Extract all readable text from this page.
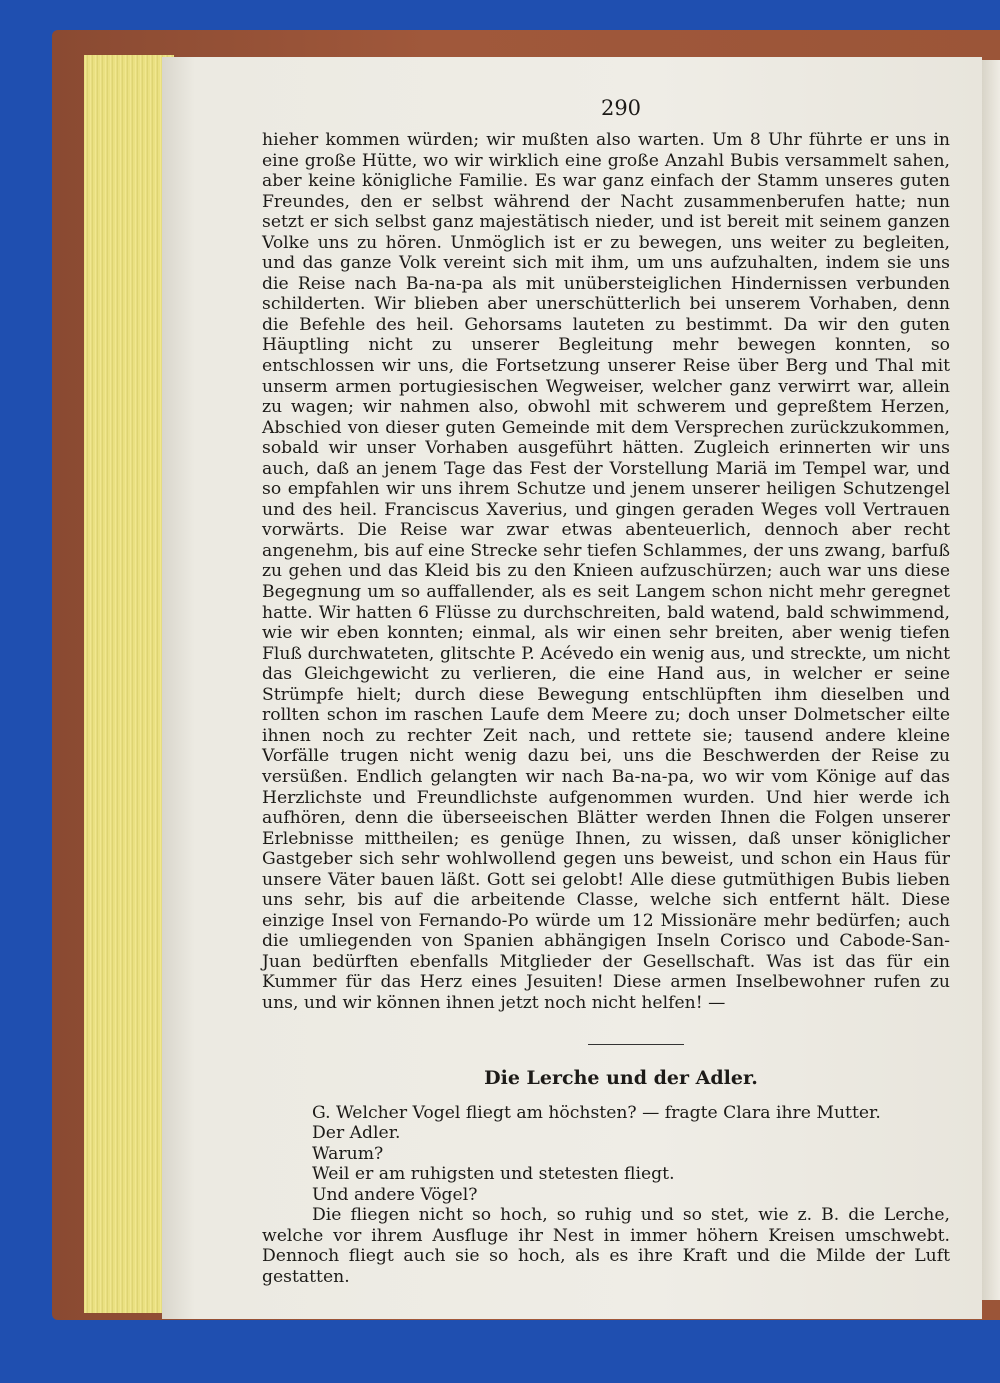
290

hieher kommen würden; wir mußten also warten. Um 8 Uhr führte er uns in eine große Hütte, wo wir wirklich eine große Anzahl Bubis versammelt sahen, aber keine königliche Familie. Es war ganz einfach der Stamm unseres guten Freundes, den er selbst während der Nacht zusammenberufen hatte; nun setzt er sich selbst ganz majestätisch nieder, und ist bereit mit seinem ganzen Volke uns zu hören. Unmöglich ist er zu bewegen, uns weiter zu begleiten, und das ganze Volk vereint sich mit ihm, um uns aufzuhalten, indem sie uns die Reise nach Ba-na-pa als mit unübersteiglichen Hindernissen verbunden schilderten. Wir blieben aber unerschütterlich bei unserem Vorhaben, denn die Befehle des heil. Gehorsams lauteten zu bestimmt. Da wir den guten Häuptling nicht zu unserer Begleitung mehr bewegen konnten, so entschlossen wir uns, die Fortsetzung unserer Reise über Berg und Thal mit unserm armen portugiesischen Wegweiser, welcher ganz verwirrt war, allein zu wagen; wir nahmen also, obwohl mit schwerem und gepreßtem Herzen, Abschied von dieser guten Gemeinde mit dem Versprechen zurückzukommen, sobald wir unser Vorhaben ausgeführt hätten. Zugleich erinnerten wir uns auch, daß an jenem Tage das Fest der Vorstellung Mariä im Tempel war, und so empfahlen wir uns ihrem Schutze und jenem unserer heiligen Schutzengel und des heil. Franciscus Xaverius, und gingen geraden Weges voll Vertrauen vorwärts. Die Reise war zwar etwas abenteuerlich, dennoch aber recht angenehm, bis auf eine Strecke sehr tiefen Schlammes, der uns zwang, barfuß zu gehen und das Kleid bis zu den Knieen aufzuschürzen; auch war uns diese Begegnung um so auffallender, als es seit Langem schon nicht mehr geregnet hatte. Wir hatten 6 Flüsse zu durchschreiten, bald watend, bald schwimmend, wie wir eben konnten; einmal, als wir einen sehr breiten, aber wenig tiefen Fluß durchwateten, glitschte P. Acévedo ein wenig aus, und streckte, um nicht das Gleichgewicht zu verlieren, die eine Hand aus, in welcher er seine Strümpfe hielt; durch diese Bewegung entschlüpften ihm dieselben und rollten schon im raschen Laufe dem Meere zu; doch unser Dolmetscher eilte ihnen noch zu rechter Zeit nach, und rettete sie; tausend andere kleine Vorfälle trugen nicht wenig dazu bei, uns die Beschwerden der Reise zu versüßen. Endlich gelangten wir nach Ba-na-pa, wo wir vom Könige auf das Herzlichste und Freundlichste aufgenommen wurden. Und hier werde ich aufhören, denn die überseeischen Blätter werden Ihnen die Folgen unserer Erlebnisse mittheilen; es genüge Ihnen, zu wissen, daß unser königlicher Gastgeber sich sehr wohlwollend gegen uns beweist, und schon ein Haus für unsere Väter bauen läßt. Gott sei gelobt! Alle diese gutmüthigen Bubis lieben uns sehr, bis auf die arbeitende Classe, welche sich entfernt hält. Diese einzige Insel von Fernando-Po würde um 12 Missionäre mehr bedürfen; auch die umliegenden von Spanien abhängigen Inseln Corisco und Cabode-San-Juan bedürften ebenfalls Mitglieder der Gesellschaft. Was ist das für ein Kummer für das Herz eines Jesuiten! Diese armen Inselbewohner rufen zu uns, und wir können ihnen jetzt noch nicht helfen! —

Die Lerche und der Adler.

G. Welcher Vogel fliegt am höchsten? — fragte Clara ihre Mutter.

Der Adler.

Warum?

Weil er am ruhigsten und stetesten fliegt.

Und andere Vögel?

Die fliegen nicht so hoch, so ruhig und so stet, wie z. B. die Lerche, welche vor ihrem Ausfluge ihr Nest in immer höhern Kreisen umschwebt. Dennoch fliegt auch sie so hoch, als es ihre Kraft und die Milde der Luft gestatten.
